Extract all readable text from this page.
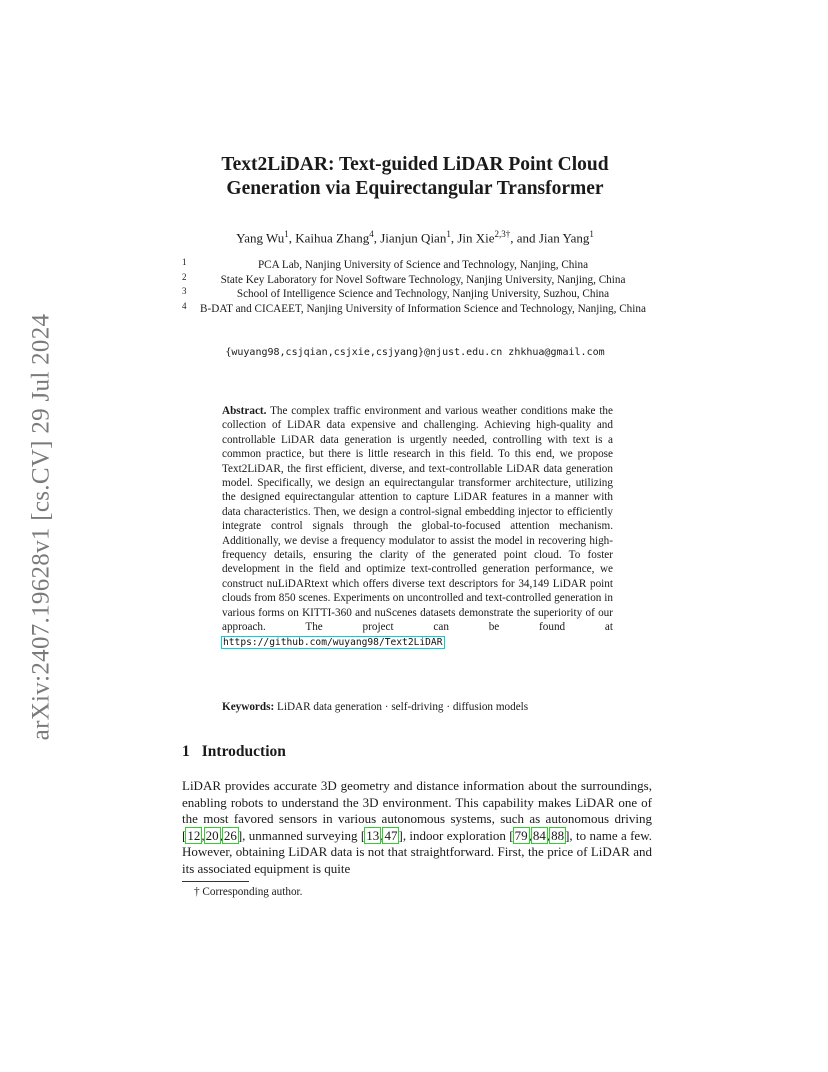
arXiv:2407.19628v1 [cs.CV] 29 Jul 2024
Text2LiDAR: Text-guided LiDAR Point Cloud
Generation via Equirectangular Transformer
Yang Wu$^1$, Kaihua Zhang$^4$, Jianjun Qian$^1$, Jin Xie$^{2,3\dagger}$, and Jian Yang$^1$
1	PCA Lab, Nanjing University of Science and Technology, Nanjing, China
2	State Key Laboratory for Novel Software Technology, Nanjing University, Nanjing, China
3	School of Intelligence Science and Technology, Nanjing University, Suzhou, China
4 B-DAT and CICAEET, Nanjing University of Information Science and Technology, Nanjing, China
{wuyang98,csjqian,csjxie,csjyang}@njust.edu.cn zhkhua@gmail.com
Abstract. The complex traffic environment and various weather conditions make the collection of LiDAR data expensive and challenging. Achieving high-quality and controllable LiDAR data generation is urgently needed, controlling with text is a common practice, but there is little research in this field. To this end, we propose Text2LiDAR, the first efficient, diverse, and text-controllable LiDAR data generation model. Specifically, we design an equirectangular transformer architecture, utilizing the designed equirectangular attention to capture LiDAR features in a manner with data characteristics. Then, we design a control-signal embedding injector to efficiently integrate control signals through the global-to-focused attention mechanism. Additionally, we devise a frequency modulator to assist the model in recovering high-frequency details, ensuring the clarity of the generated point cloud. To foster development in the field and optimize text-controlled generation performance, we construct nuLiDARtext which offers diverse text descriptors for 34,149 LiDAR point clouds from 850 scenes. Experiments on uncontrolled and text-controlled generation in various forms on KITTI-360 and nuScenes datasets demonstrate the superiority of our approach. The project can be found at https://github.com/wuyang98/Text2LiDAR
Keywords: LiDAR data generation · self-driving · diffusion models
1 Introduction
LiDAR provides accurate 3D geometry and distance information about the surroundings, enabling robots to understand the 3D environment. This capability makes LiDAR one of the most favored sensors in various autonomous systems, such as autonomous driving [12,20,26], unmanned surveying [13,47], indoor exploration [79,84,88], to name a few. However, obtaining LiDAR data is not that straightforward. First, the price of LiDAR and its associated equipment is quite
† Corresponding author.
